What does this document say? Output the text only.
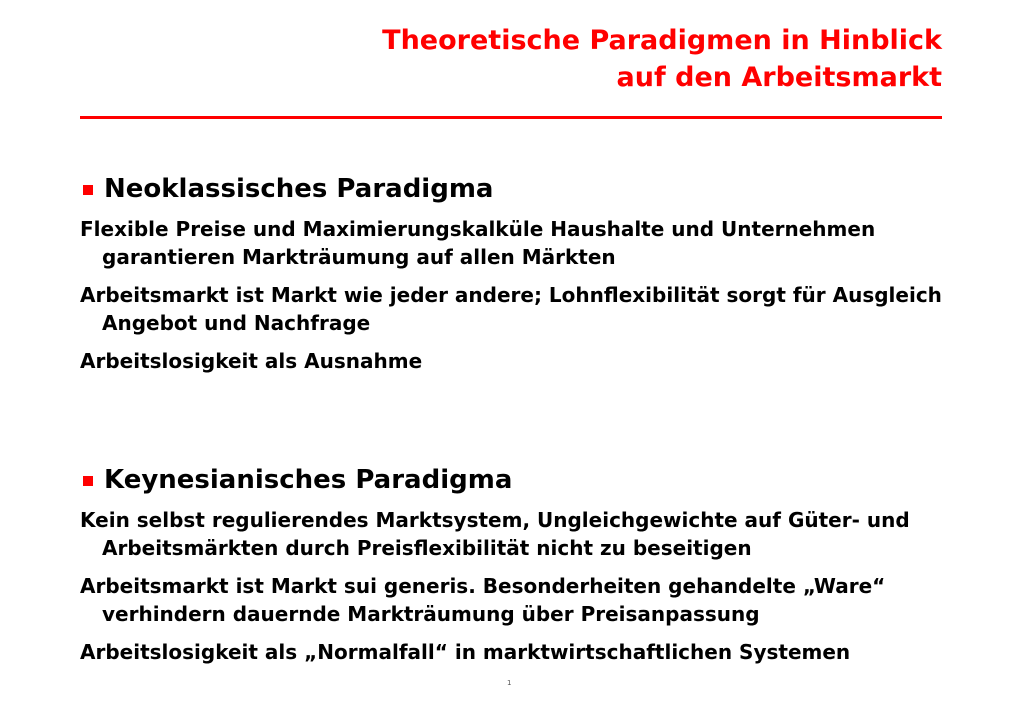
Theoretische Paradigmen in Hinblick
auf den Arbeitsmarkt
Neoklassisches Paradigma
Flexible Preise und Maximierungskalküle Haushalte und Unternehmen garantieren Markträumung auf allen Märkten
Arbeitsmarkt ist Markt wie jeder andere; Lohnflexibilität sorgt für Ausgleich Angebot und Nachfrage
Arbeitslosigkeit als Ausnahme
Keynesianisches Paradigma
Kein selbst regulierendes Marktsystem, Ungleichgewichte auf Güter- und Arbeitsmärkten durch Preisflexibilität nicht zu beseitigen
Arbeitsmarkt ist Markt sui generis. Besonderheiten gehandelte „Ware“ verhindern dauernde Markträumung über Preisanpassung
Arbeitslosigkeit als „Normalfall“ in marktwirtschaftlichen Systemen
1
